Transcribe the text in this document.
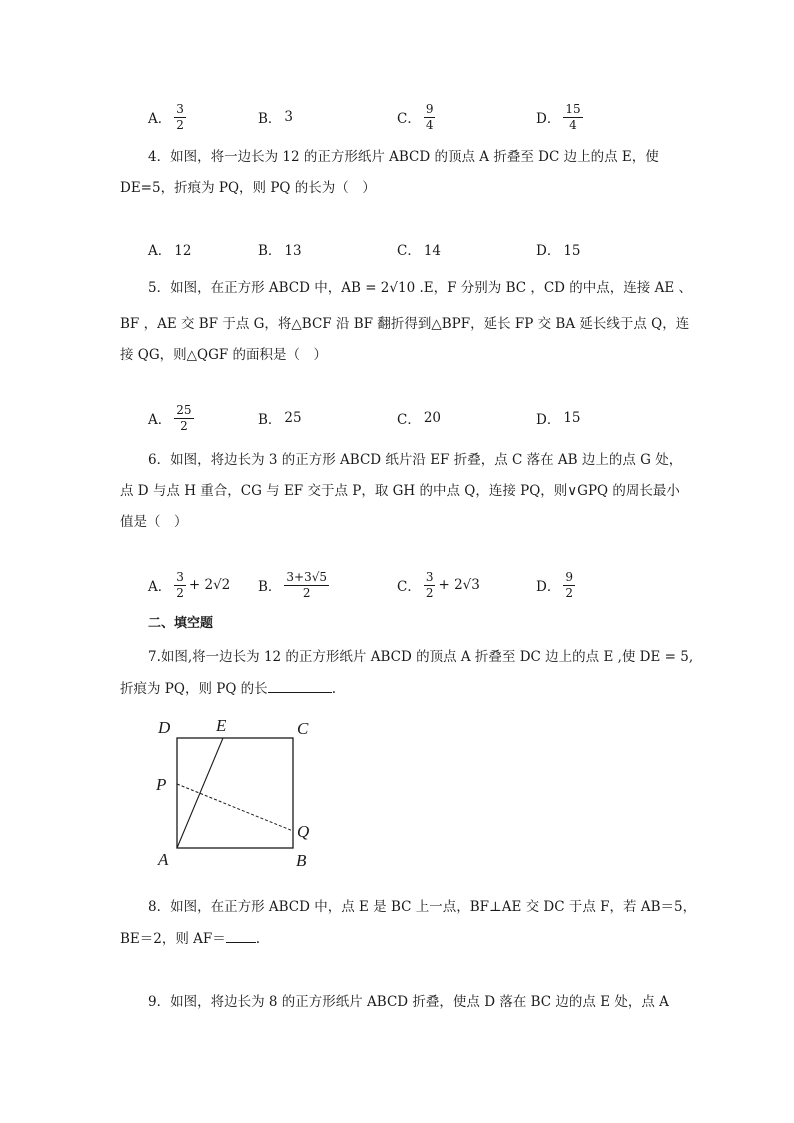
A． $\frac{3}{2}$	B． 3	C． $\frac{9}{4}$	D． $\frac{15}{4}$
4．如图，将一边长为 12 的正方形纸片 ABCD 的顶点 A 折叠至 DC 边上的点 E，使
DE=5，折痕为 PQ，则 PQ 的长为（　）
A． 12	B． 13	C． 14	D． 15
5．如图，在正方形 ABCD 中，AB = 2√10 .E，F 分别为 BC ，CD 的中点，连接 AE 、
BF ，AE 交 BF 于点 G，将△BCF 沿 BF 翻折得到△BPF，延长 FP 交 BA 延长线于点 Q，连
接 QG，则△QGF 的面积是（　）
A． $\frac{25}{2}$	B． 25	C． 20	D． 15
6．如图，将边长为 3 的正方形 ABCD 纸片沿 EF 折叠，点 C 落在 AB 边上的点 G 处，
点 D 与点 H 重合，CG 与 EF 交于点 P，取 GH 的中点 Q，连接 PQ，则∨GPQ 的周长最小
值是（　）
A． $\frac{3}{2} + 2√2$ B． $\frac{3+3√5}{2}$	C． $\frac{3}{2} + 2√3$	D． $\frac{9}{2}$
二、填空题
7.如图,将一边长为 12 的正方形纸片 ABCD 的顶点 A 折叠至 DC 边上的点 E ,使 DE = 5,
折痕为 PQ，则 PQ 的长	.
D	E	C
P
Q
A	B
8．如图，在正方形 ABCD 中，点 E 是 BC 上一点，BF⊥AE 交 DC 于点 F，若 AB＝5，
BE＝2，则 AF＝ .
9．如图，将边长为 8 的正方形纸片 ABCD 折叠，使点 D 落在 BC 边的点 E 处，点 A
